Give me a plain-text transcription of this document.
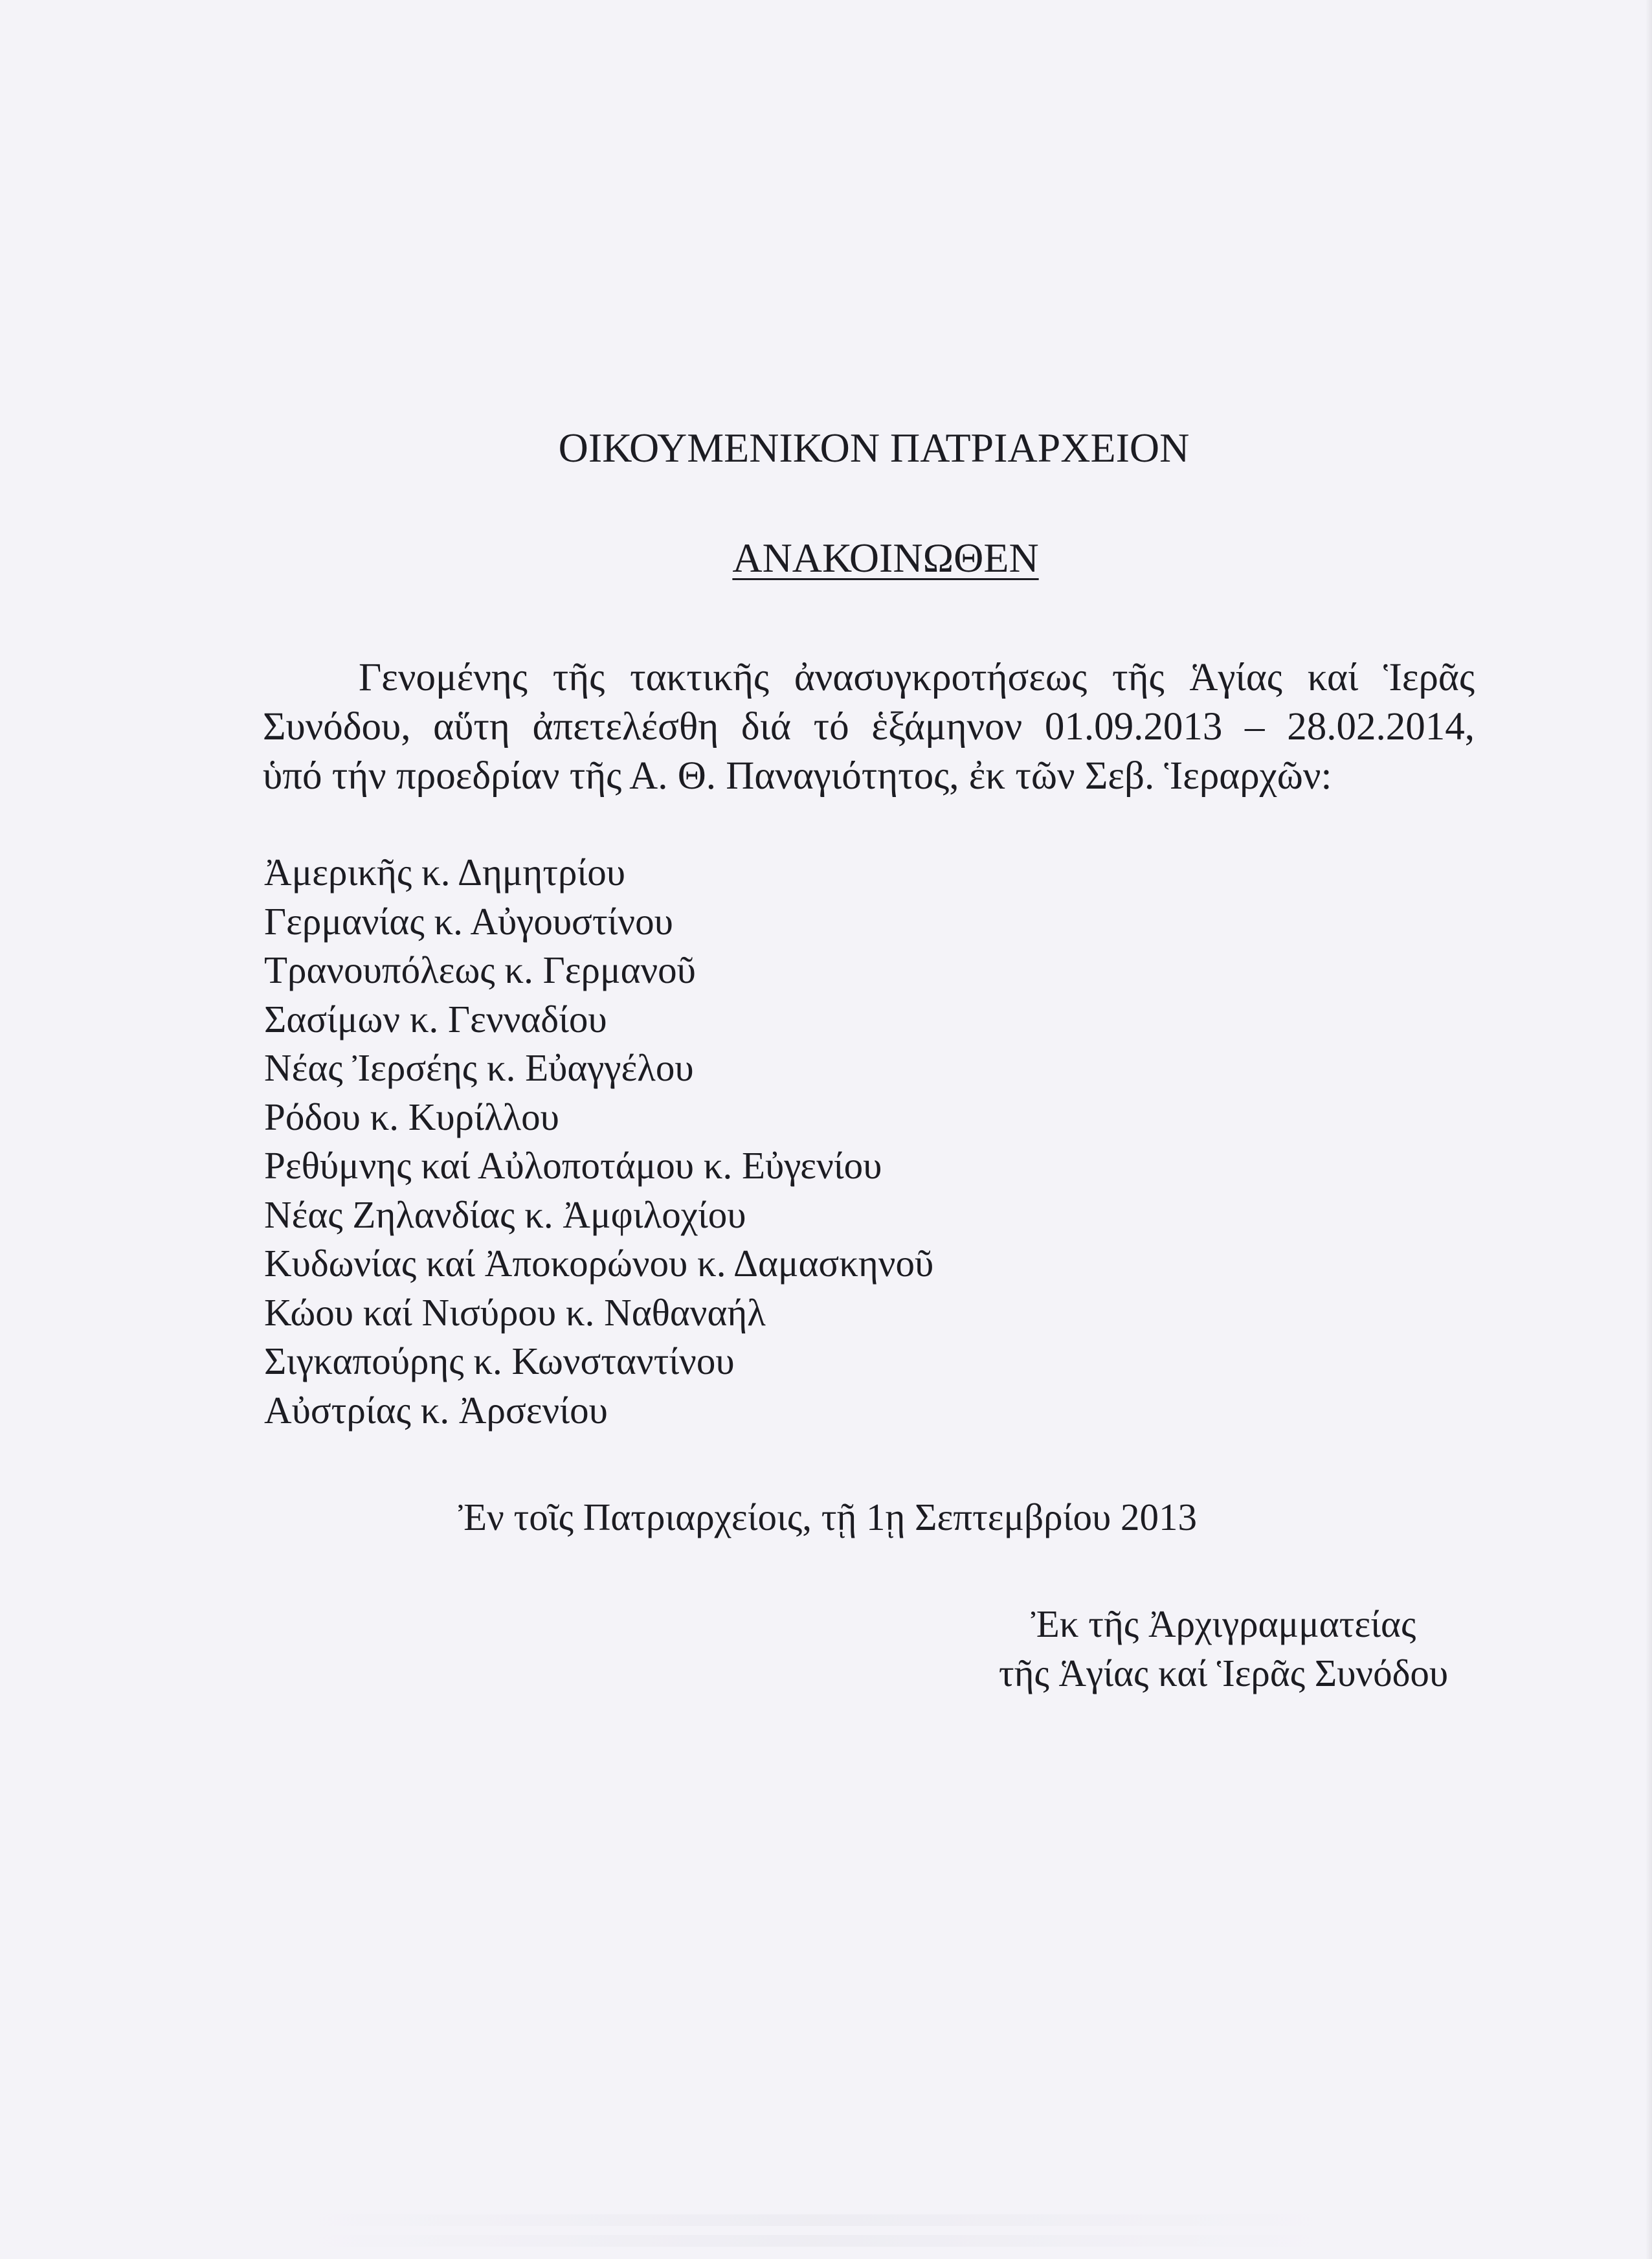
ΟΙΚΟΥΜΕΝΙΚΟΝ ΠΑΤΡΙΑΡΧΕΙΟΝ
ΑΝΑΚΟΙΝΩΘΕΝ
Γενομένης τῆς τακτικῆς ἀνασυγκροτήσεως τῆς Ἁγίας καί Ἱερᾶς
Συνόδου, αὕτη ἀπετελέσθη διά τό ἑξάμηνον 01.09.2013 – 28.02.2014,
ὑπό τήν προεδρίαν τῆς Α. Θ. Παναγιότητος, ἐκ τῶν Σεβ. Ἱεραρχῶν:
Ἀμερικῆς κ. Δημητρίου
Γερμανίας κ. Αὐγουστίνου
Τρανουπόλεως κ. Γερμανοῦ
Σασίμων κ. Γενναδίου
Νέας Ἰερσέης κ. Εὐαγγέλου
Ρόδου κ. Κυρίλλου
Ρεθύμνης καί Αὐλοποτάμου κ. Εὐγενίου
Νέας Ζηλανδίας κ. Ἀμφιλοχίου
Κυδωνίας καί Ἀποκορώνου κ. Δαμασκηνοῦ
Κώου καί Νισύρου κ. Ναθαναήλ
Σιγκαπούρης κ. Κωνσταντίνου
Αὐστρίας κ. Ἀρσενίου
Ἐν τοῖς Πατριαρχείοις, τῇ 1ῃ Σεπτεμβρίου 2013
Ἐκ τῆς Ἀρχιγραμματείας
τῆς Ἁγίας καί Ἱερᾶς Συνόδου
